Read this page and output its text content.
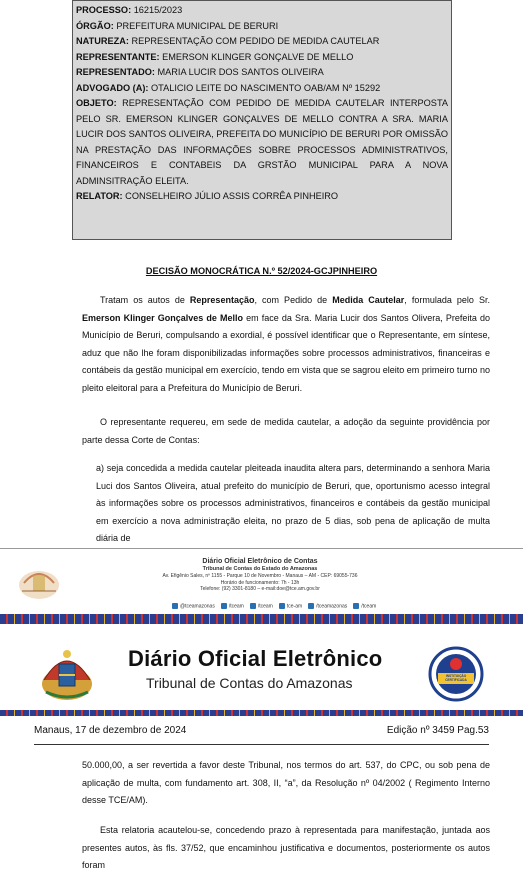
PROCESSO: 16215/2023

ÓRGÃO: PREFEITURA MUNICIPAL DE BERURI

NATUREZA: REPRESENTAÇÃO COM PEDIDO DE MEDIDA CAUTELAR

REPRESENTANTE: EMERSON KLINGER GONÇALVE DE MELLO

REPRESENTADO: MARIA LUCIR DOS SANTOS OLIVEIRA

ADVOGADO (A): OTALICIO LEITE DO NASCIMENTO OAB/AM Nº 15292

OBJETO: REPRESENTAÇÃO COM PEDIDO DE MEDIDA CAUTELAR INTERPOSTA PELO SR. EMERSON KLINGER GONÇALVES DE MELLO CONTRA A SRA. MARIA LUCIR DOS SANTOS OLIVEIRA, PREFEITA DO MUNICÍPIO DE BERURI POR OMISSÃO NA PRESTAÇÃO DAS INFORMAÇÕES SOBRE PROCESSOS ADMINISTRATIVOS, FINANCEIROS E CONTABEIS DA GRSTÃO MUNICIPAL PARA A NOVA ADMINSITRAÇÃO ELEITA.

RELATOR: CONSELHEIRO JÚLIO ASSIS CORRÊA PINHEIRO

DECISÃO MONOCRÁTICA N.º 52/2024-GCJPINHEIRO
Tratam os autos de Representação, com Pedido de Medida Cautelar, formulada pelo Sr. Emerson Klinger Gonçalves de Mello em face da Sra. Maria Lucir dos Santos Olivera, Prefeita do Município de Beruri, compulsando a exordial, é possível identificar que o Representante, em síntese, aduz que não lhe foram disponibilizadas informações sobre processos administrativos, financeiras e contábeis da gestão municipal em exercício, tendo em vista que se sagrou eleito em primeiro turno no pleito eleitoral para a Prefeitura do Município de Beruri.
O representante requereu, em sede de medida cautelar, a adoção da seguinte providência por parte dessa Corte de Contas:
a) seja concedida a medida cautelar pleiteada inaudita altera pars, determinando a senhora Maria Luci dos Santos Oliveira, atual prefeito do município de Beruri, que, oportunismo acesso integral às informações sobre os processos administrativos, financeiros e contábeis da gestão municipal em exercício a nova administração eleita, no prazo de 5 dias, sob pena de aplicação de multa diária de
Diário Oficial Eletrônico de Contas
Tribunal de Contas do Estado do Amazonas
Av. Efigênio Sales, nº 1155 - Parque 10 de Novembro - Manaus – AM - CEP: 69055-736
Horário de funcionamento: 7h - 13h
Telefone: (92) 3301-8180 – e-mail:doe@tce.am.gov.br
@tceamazonas	/tceam	/tceam	tce-am	/tceamazonas	/tceam
Diário Oficial Eletrônico
Tribunal de Contas do Amazonas	INSTITUIÇÃO CERTIFICADA
Manaus, 17 de dezembro de 2024	Edição nº 3459 Pag.53
50.000,00, a ser revertida a favor deste Tribunal, nos termos do art. 537, do CPC, ou sob pena de aplicação de multa, com fundamento art. 308, II, “a”, da Resolução nº 04/2002 ( Regimento Interno desse TCE/AM).
Esta relatoria acautelou-se, concedendo prazo à representada para manifestação, juntada aos presentes autos, às fls. 37/52, que encaminhou justificativa e documentos, posteriormente os autos foram
